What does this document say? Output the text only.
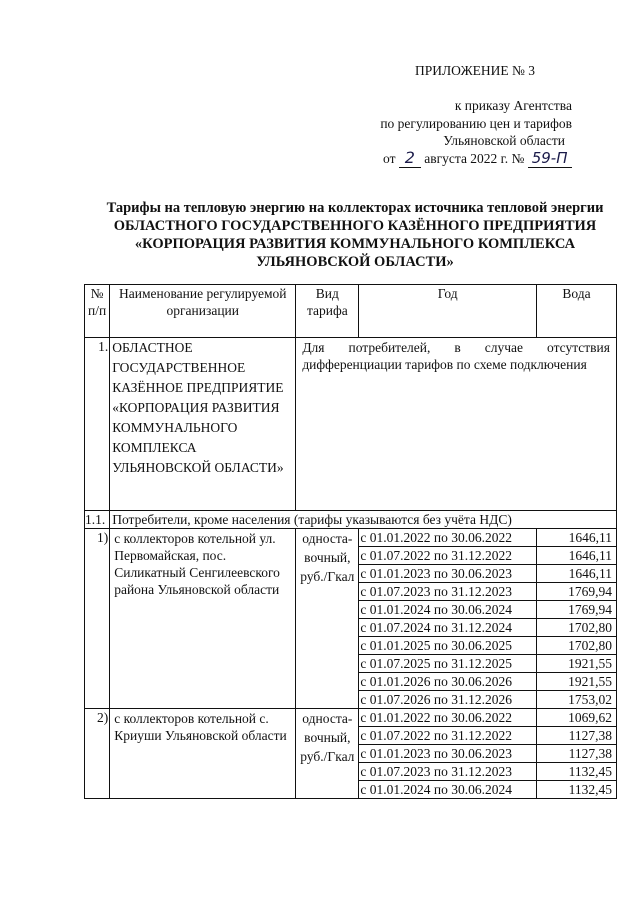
ПРИЛОЖЕНИЕ № 3
к приказу Агентства
по регулированию цен и тарифов
Ульяновской области
от 2 августа 2022 г. № 59-П
Тарифы на тепловую энергию на коллекторах источника тепловой энергии ОБЛАСТНОГО ГОСУДАРСТВЕННОГО КАЗЁННОГО ПРЕДПРИЯТИЯ «КОРПОРАЦИЯ РАЗВИТИЯ КОММУНАЛЬНОГО КОМПЛЕКСА УЛЬЯНОВСКОЙ ОБЛАСТИ»
№ п/п	Наименование регулируемой организации	Вид тарифа	Год	Вода
1.	ОБЛАСТНОЕ ГОСУДАРСТВЕННОЕ КАЗЁННОЕ ПРЕДПРИЯТИЕ «КОРПОРАЦИЯ РАЗВИТИЯ КОММУНАЛЬНОГО КОМПЛЕКСА УЛЬЯНОВСКОЙ ОБЛАСТИ»	Для потребителей, в случае отсутствия дифференциации тарифов по схеме подключения		
1.1.	Потребители, кроме населения (тарифы указываются без учёта НДС)			
1)	с коллекторов котельной ул. Первомайская, пос. Силикатный Сенгилеевского района Ульяновской области	односта-
вочный,
руб./Гкал	с 01.01.2022 по 30.06.2022	1646,11
			с 01.07.2022 по 31.12.2022	1646,11
			с 01.01.2023 по 30.06.2023	1646,11
			с 01.07.2023 по 31.12.2023	1769,94
			с 01.01.2024 по 30.06.2024	1769,94
			с 01.07.2024 по 31.12.2024	1702,80
			с 01.01.2025 по 30.06.2025	1702,80
			с 01.07.2025 по 31.12.2025	1921,55
			с 01.01.2026 по 30.06.2026	1921,55
			с 01.07.2026 по 31.12.2026	1753,02
2)	с коллекторов котельной с. Криуши Ульяновской области	односта-
вочный,
руб./Гкал	с 01.01.2022 по 30.06.2022	1069,62
			с 01.07.2022 по 31.12.2022	1127,38
			с 01.01.2023 по 30.06.2023	1127,38
			с 01.07.2023 по 31.12.2023	1132,45
			с 01.01.2024 по 30.06.2024	1132,45
